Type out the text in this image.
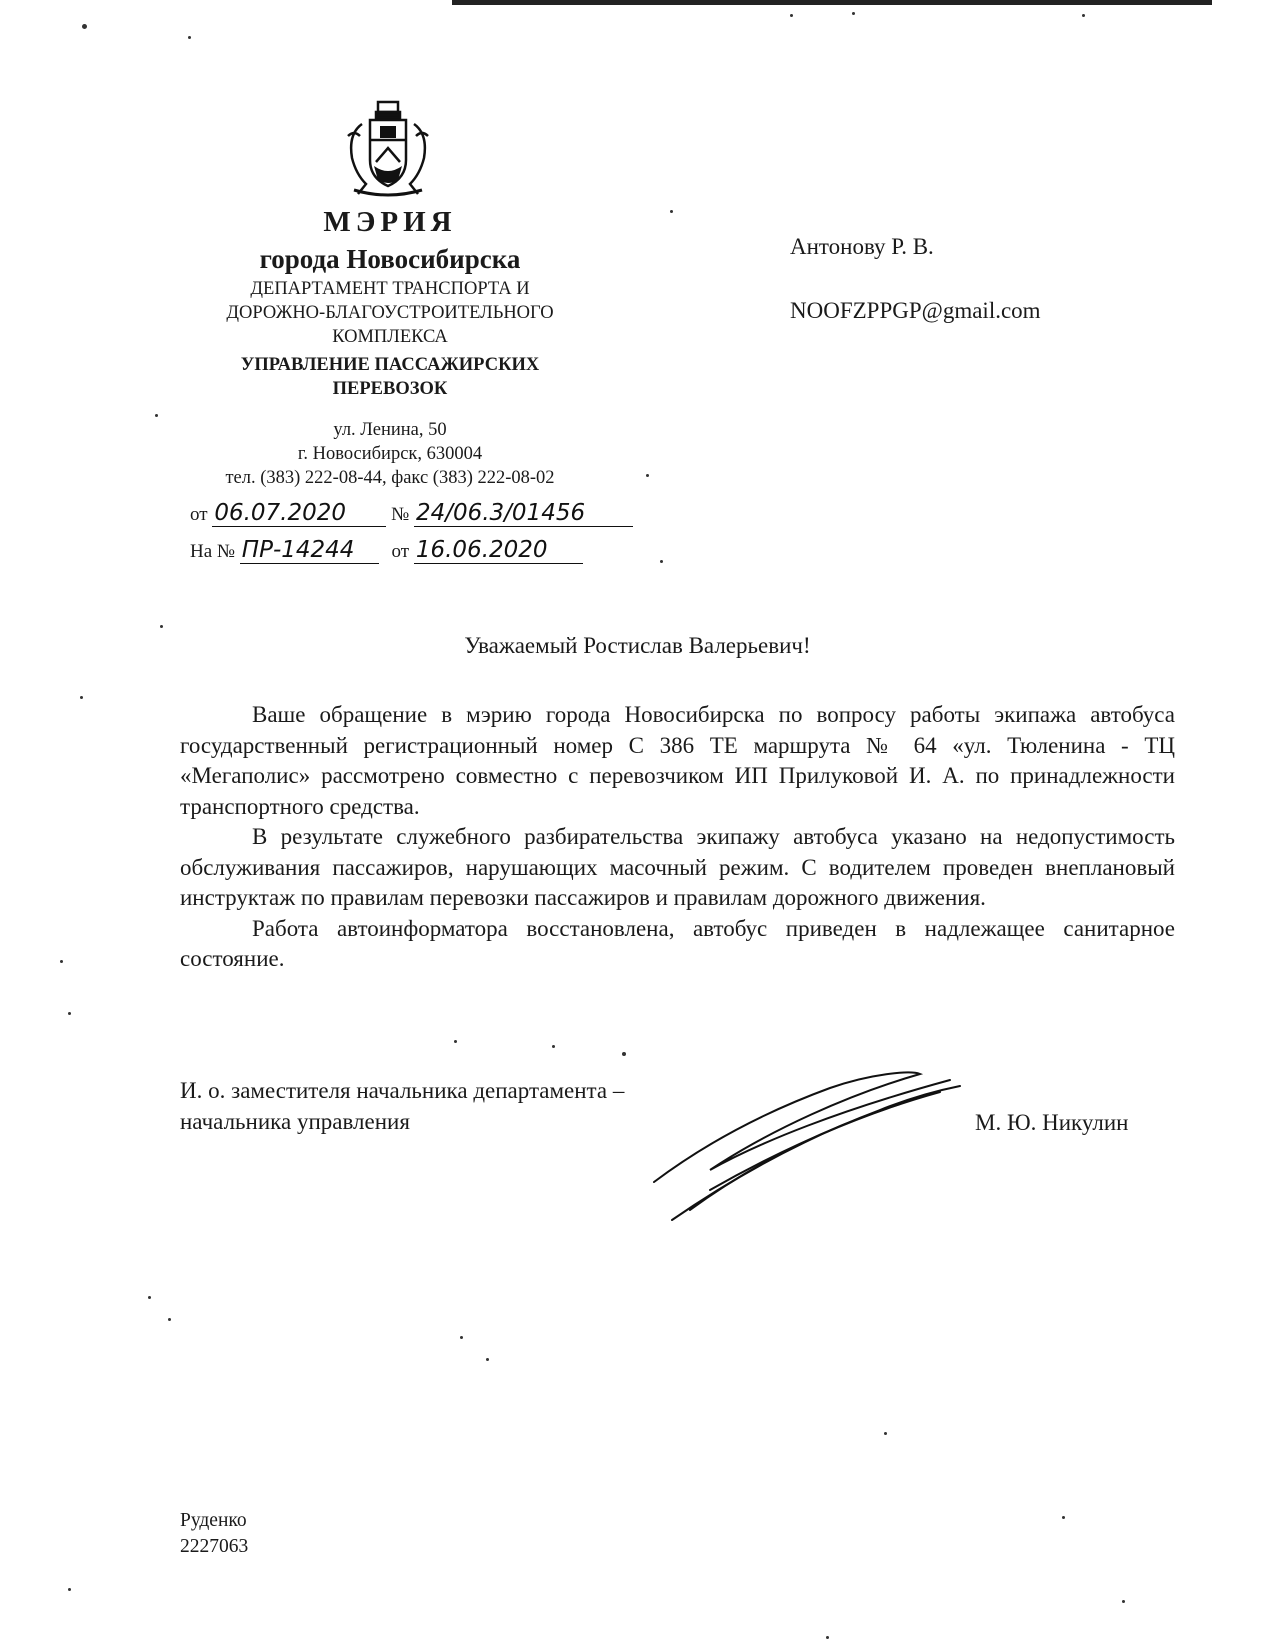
МЭРИЯ
города Новосибирска
ДЕПАРТАМЕНТ ТРАНСПОРТА И
ДОРОЖНО-БЛАГОУСТРОИТЕЛЬНОГО
КОМПЛЕКСА
УПРАВЛЕНИЕ ПАССАЖИРСКИХ
ПЕРЕВОЗОК
ул. Ленина, 50
г. Новосибирск, 630004
тел. (383) 222-08-44, факс (383) 222-08-02
от 06.07.2020 № 24/06.3/01456
На № ПР-14244 от 16.06.2020
Антонову Р. В.
NOOFZPPGP@gmail.com
Уважаемый Ростислав Валерьевич!

Ваше обращение в мэрию города Новосибирска по вопросу работы экипажа автобуса государственный регистрационный номер С 386 ТЕ маршрута № 64 «ул. Тюленина - ТЦ «Мегаполис» рассмотрено совместно с перевозчиком ИП Прилуковой И. А. по принадлежности транспортного средства.

В результате служебного разбирательства экипажу автобуса указано на недопустимость обслуживания пассажиров, нарушающих масочный режим. С водителем проведен внеплановый инструктаж по правилам перевозки пассажиров и правилам дорожного движения.

Работа автоинформатора восстановлена, автобус приведен в надлежащее санитарное состояние.

И. о. заместителя начальника департамента –
начальника управления	М. Ю. Никулин
Руденко
2227063
